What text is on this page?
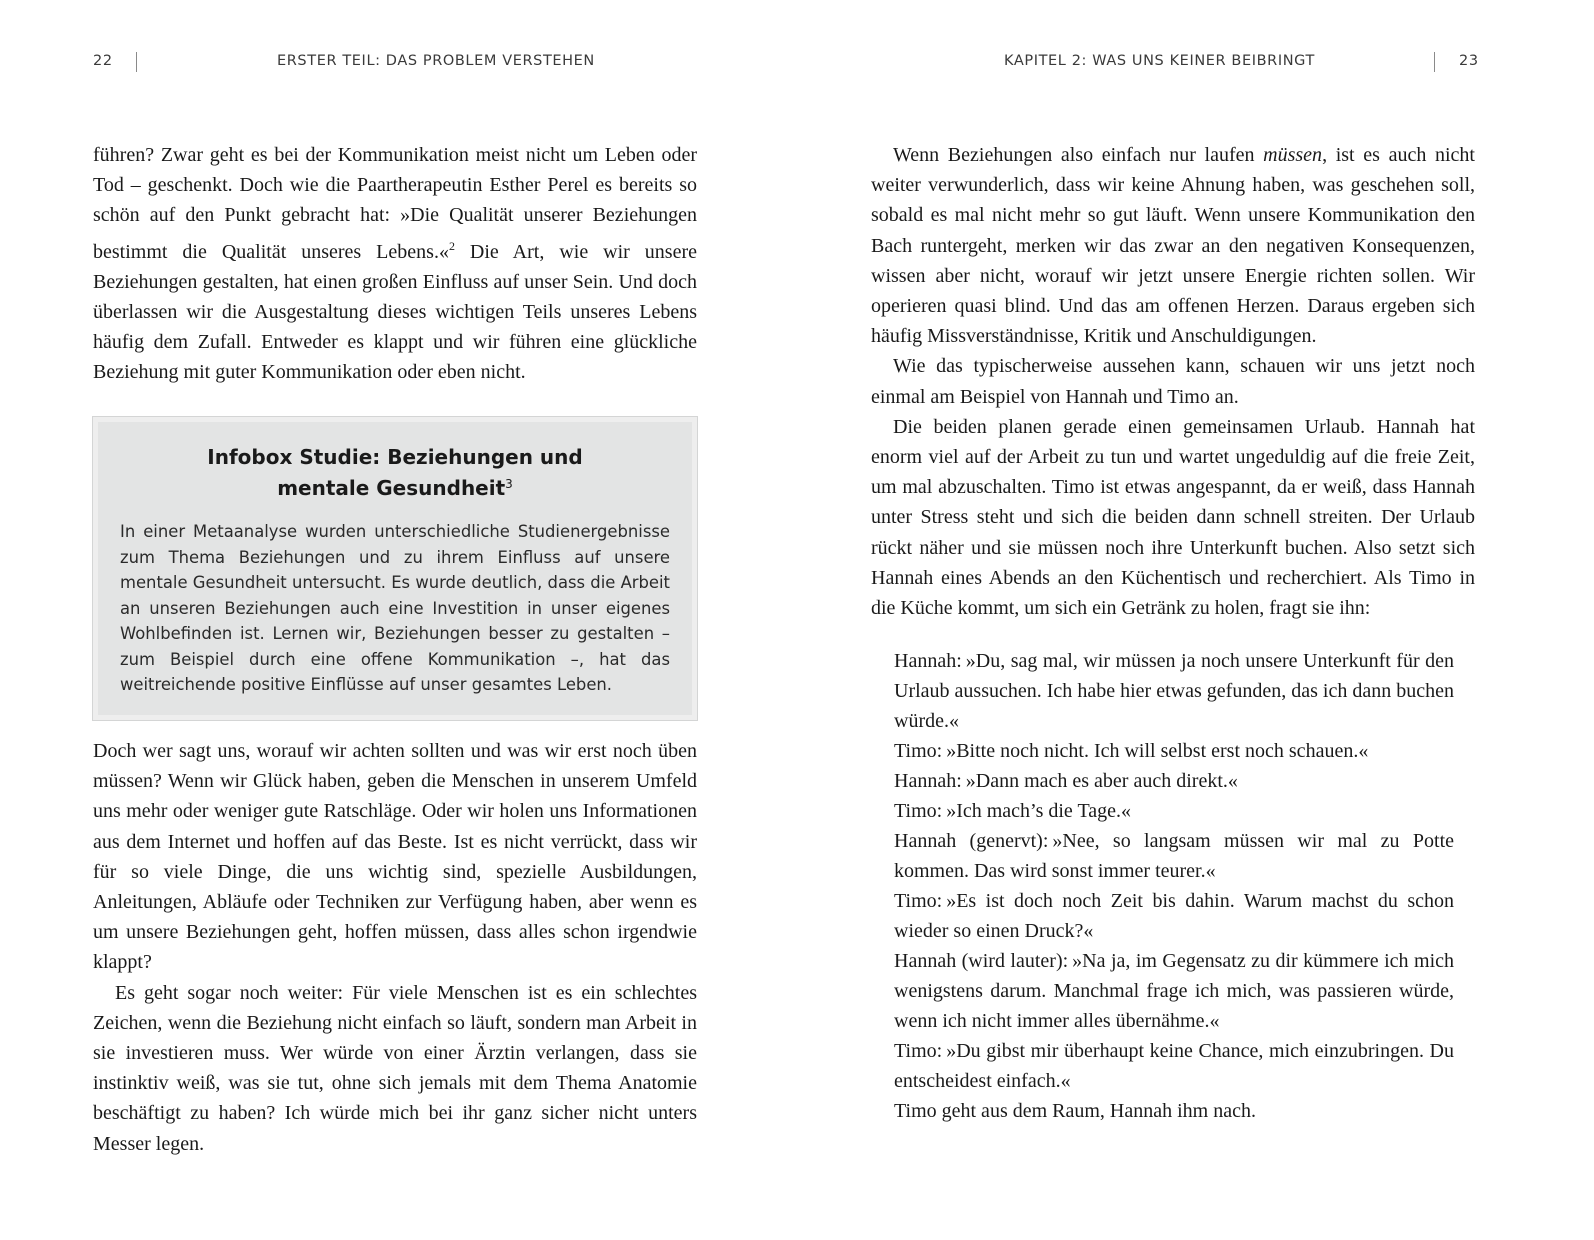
22	ERSTER TEIL: DAS PROBLEM VERSTEHEN

führen? Zwar geht es bei der Kommunikation meist nicht um Leben oder Tod – geschenkt. Doch wie die Paartherapeutin Esther Perel es bereits so schön auf den Punkt gebracht hat: »Die Qualität unserer Beziehungen bestimmt die Qualität unseres Lebens.«$^2$ Die Art, wie wir unsere Beziehungen gestalten, hat einen großen Einfluss auf unser Sein. Und doch überlassen wir die Ausgestaltung dieses wichtigen Teils unseres Lebens häufig dem Zufall. Entweder es klappt und wir führen eine glückliche Beziehung mit guter Kommunikation oder eben nicht.

Infobox Studie: Beziehungen und
mentale Gesundheit$^3$
In einer Metaanalyse wurden unterschiedliche Studienergebnisse zum Thema Beziehungen und zu ihrem Einfluss auf unsere mentale Gesundheit untersucht. Es wurde deutlich, dass die Arbeit an unseren Beziehungen auch eine Investition in unser eigenes Wohlbefinden ist. Lernen wir, Beziehungen besser zu gestalten – zum Beispiel durch eine offene Kommunikation –, hat das weitreichende positive Einflüsse auf unser gesamtes Leben.

Doch wer sagt uns, worauf wir achten sollten und was wir erst noch üben müssen? Wenn wir Glück haben, geben die Menschen in unserem Umfeld uns mehr oder weniger gute Ratschläge. Oder wir holen uns Informationen aus dem Internet und hoffen auf das Beste. Ist es nicht verrückt, dass wir für so viele Dinge, die uns wichtig sind, spezielle Ausbildungen, Anleitungen, Abläufe oder Techniken zur Verfügung haben, aber wenn es um unsere Beziehungen geht, hoffen müssen, dass alles schon irgendwie klappt?

Es geht sogar noch weiter: Für viele Menschen ist es ein schlechtes Zeichen, wenn die Beziehung nicht einfach so läuft, sondern man Arbeit in sie investieren muss. Wer würde von einer Ärztin verlangen, dass sie instinktiv weiß, was sie tut, ohne sich jemals mit dem Thema Anatomie beschäftigt zu haben? Ich würde mich bei ihr ganz sicher nicht unters Messer legen.

KAPITEL 2: WAS UNS KEINER BEIBRINGT	23

Wenn Beziehungen also einfach nur laufen müssen, ist es auch nicht weiter verwunderlich, dass wir keine Ahnung haben, was geschehen soll, sobald es mal nicht mehr so gut läuft. Wenn unsere Kommunikation den Bach runtergeht, merken wir das zwar an den negativen Konsequenzen, wissen aber nicht, worauf wir jetzt unsere Energie richten sollen. Wir operieren quasi blind. Und das am offenen Herzen. Daraus ergeben sich häufig Missverständnisse, Kritik und Anschuldigungen.

Wie das typischerweise aussehen kann, schauen wir uns jetzt noch einmal am Beispiel von Hannah und Timo an.

Die beiden planen gerade einen gemeinsamen Urlaub. Hannah hat enorm viel auf der Arbeit zu tun und wartet ungeduldig auf die freie Zeit, um mal abzuschalten. Timo ist etwas angespannt, da er weiß, dass Hannah unter Stress steht und sich die beiden dann schnell streiten. Der Urlaub rückt näher und sie müssen noch ihre Unterkunft buchen. Also setzt sich Hannah eines Abends an den Küchentisch und recherchiert. Als Timo in die Küche kommt, um sich ein Getränk zu holen, fragt sie ihn:

Hannah: »Du, sag mal, wir müssen ja noch unsere Unterkunft für den Urlaub aussuchen. Ich habe hier etwas gefunden, das ich dann buchen würde.«
Timo: »Bitte noch nicht. Ich will selbst erst noch schauen.«
Hannah: »Dann mach es aber auch direkt.«
Timo: »Ich mach’s die Tage.«
Hannah (genervt): »Nee, so langsam müssen wir mal zu Potte kommen. Das wird sonst immer teurer.«
Timo: »Es ist doch noch Zeit bis dahin. Warum machst du schon wieder so einen Druck?«
Hannah (wird lauter): »Na ja, im Gegensatz zu dir kümmere ich mich wenigstens darum. Manchmal frage ich mich, was passieren würde, wenn ich nicht immer alles übernähme.«
Timo: »Du gibst mir überhaupt keine Chance, mich einzubringen. Du entscheidest einfach.«
Timo geht aus dem Raum, Hannah ihm nach.
